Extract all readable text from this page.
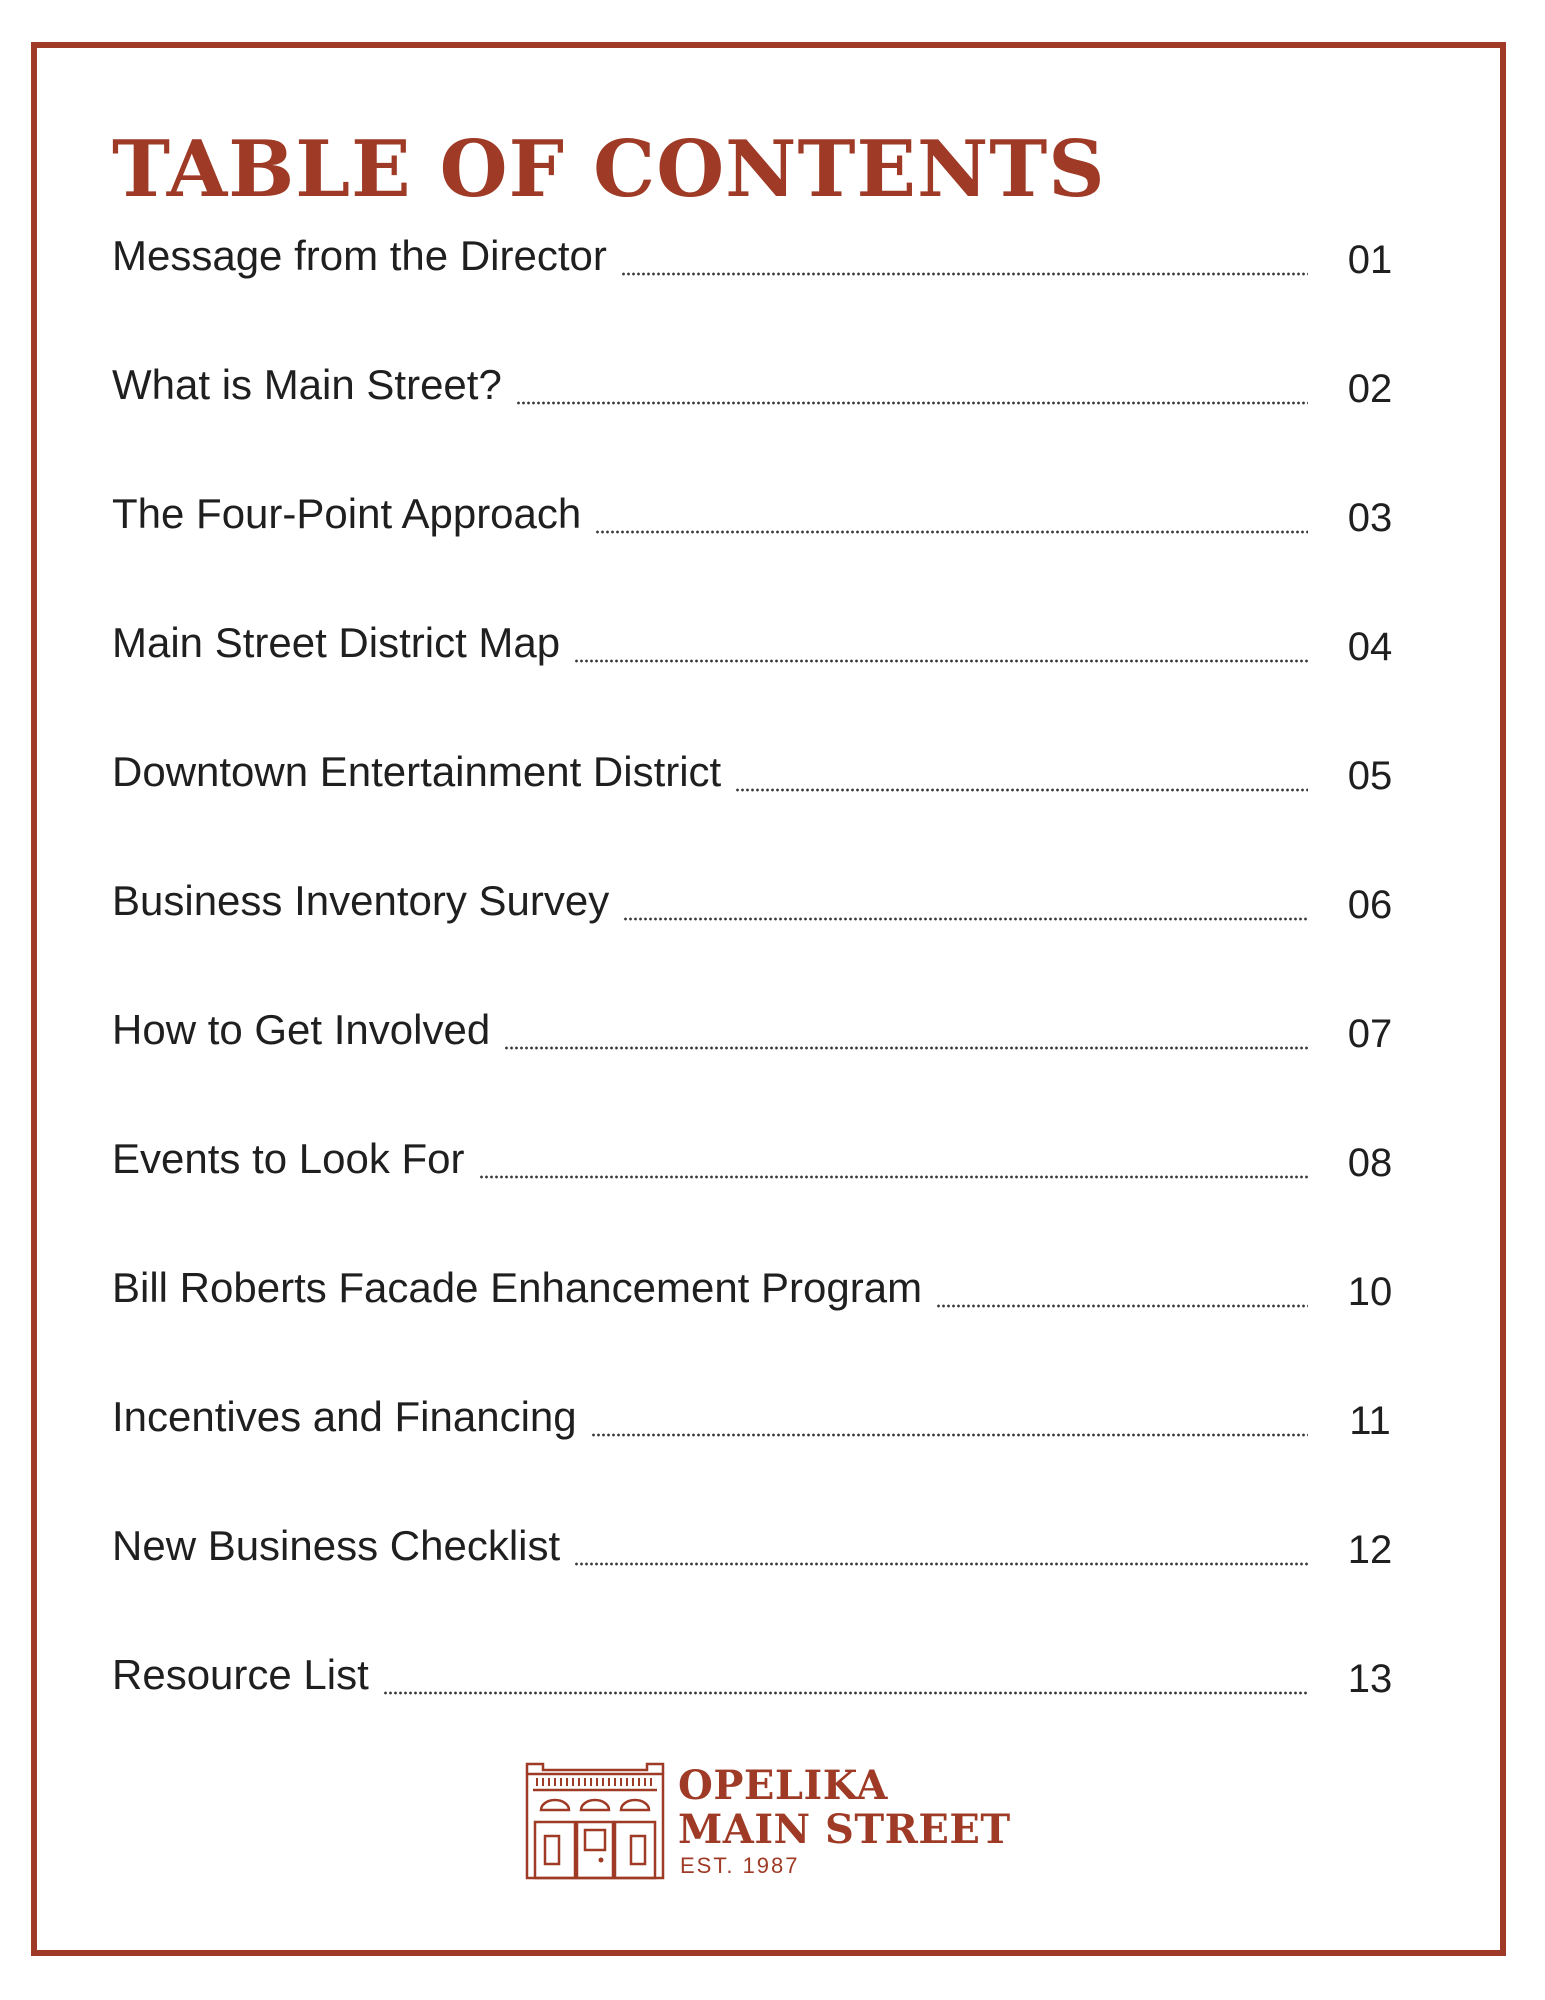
TABLE OF CONTENTS
Message from the Director	01
What is Main Street?	02
The Four-Point Approach	03
Main Street District Map	04
Downtown Entertainment District	05
Business Inventory Survey	06
How to Get Involved	07
Events to Look For	08
Bill Roberts Facade Enhancement Program	10
Incentives and Financing	11
New Business Checklist	12
Resource List	13
OPELIKA
MAIN STREET
EST. 1987
